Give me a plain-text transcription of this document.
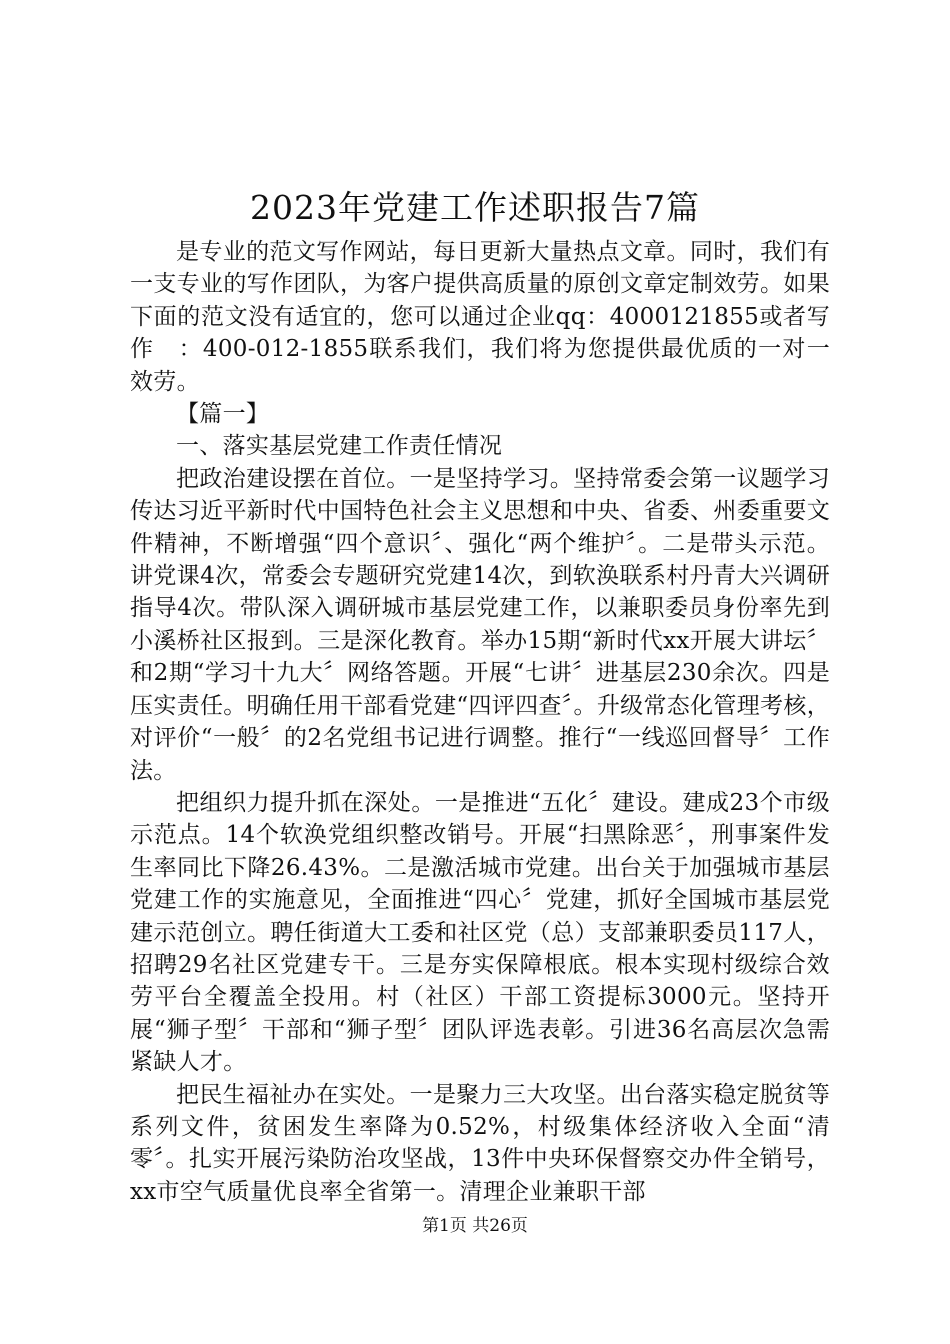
2023年党建工作述职报告7篇

是专业的范文写作网站，每日更新大量热点文章。同时，我们有一支专业的写作团队，为客户提供高质量的原创文章定制效劳。如果下面的范文没有适宜的，您可以通过企业qq：4000121855或者写作　：400-012-1855联系我们，我们将为您提供最优质的一对一效劳。

【篇一】

一、落实基层党建工作责任情况

把政治建设摆在首位。一是坚持学习。坚持常委会第一议题学习传达习近平新时代中国特色社会主义思想和中央、省委、州委重要文件精神，不断增强“四个意识〞、强化“两个维护〞。二是带头示范。讲党课4次，常委会专题研究党建14次，到软涣联系村丹青大兴调研指导4次。带队深入调研城市基层党建工作，以兼职委员身份率先到小溪桥社区报到。三是深化教育。举办15期“新时代xx开展大讲坛〞和2期“学习十九大〞网络答题。开展“七讲〞进基层230余次。四是压实责任。明确任用干部看党建“四评四查〞。升级常态化管理考核，对评价“一般〞的2名党组书记进行调整。推行“一线巡回督导〞工作法。

把组织力提升抓在深处。一是推进“五化〞建设。建成23个市级示范点。14个软涣党组织整改销号。开展“扫黑除恶〞，刑事案件发生率同比下降26.43%。二是激活城市党建。出台关于加强城市基层党建工作的实施意见，全面推进“四心〞党建，抓好全国城市基层党建示范创立。聘任街道大工委和社区党（总）支部兼职委员117人，招聘29名社区党建专干。三是夯实保障根底。根本实现村级综合效劳平台全覆盖全投用。村（社区）干部工资提标3000元。坚持开展“狮子型〞干部和“狮子型〞团队评选表彰。引进36名高层次急需紧缺人才。

把民生福祉办在实处。一是聚力三大攻坚。出台落实稳定脱贫等系列文件，贫困发生率降为0.52%，村级集体经济收入全面“清零〞。扎实开展污染防治攻坚战，13件中央环保督察交办件全销号，xx市空气质量优良率全省第一。清理企业兼职干部

第1页 共26页
